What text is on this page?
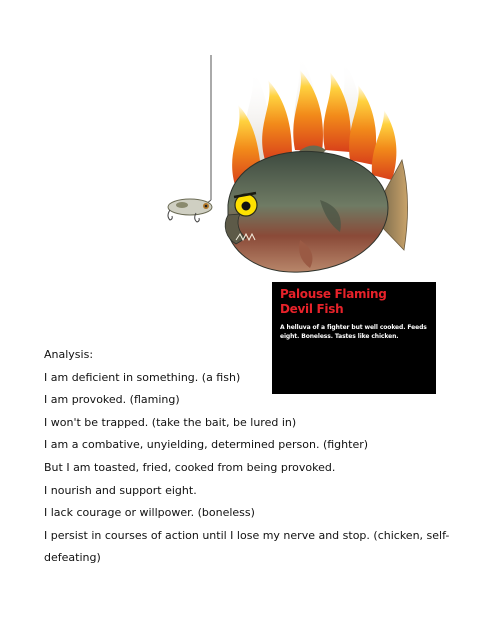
Palouse Flaming
Devil Fish
A helluva of a fighter but well cooked. Feeds eight. Boneless. Tastes like chicken.

Analysis:

I am deficient in something. (a fish)

I am provoked. (flaming)

I won't be trapped. (take the bait, be lured in)

I am a combative, unyielding, determined person. (fighter)

But I am toasted, fried, cooked from being provoked.

I nourish and support eight.

I lack courage or willpower. (boneless)

I persist in courses of action until I lose my nerve and stop. (chicken, self-

defeating)
